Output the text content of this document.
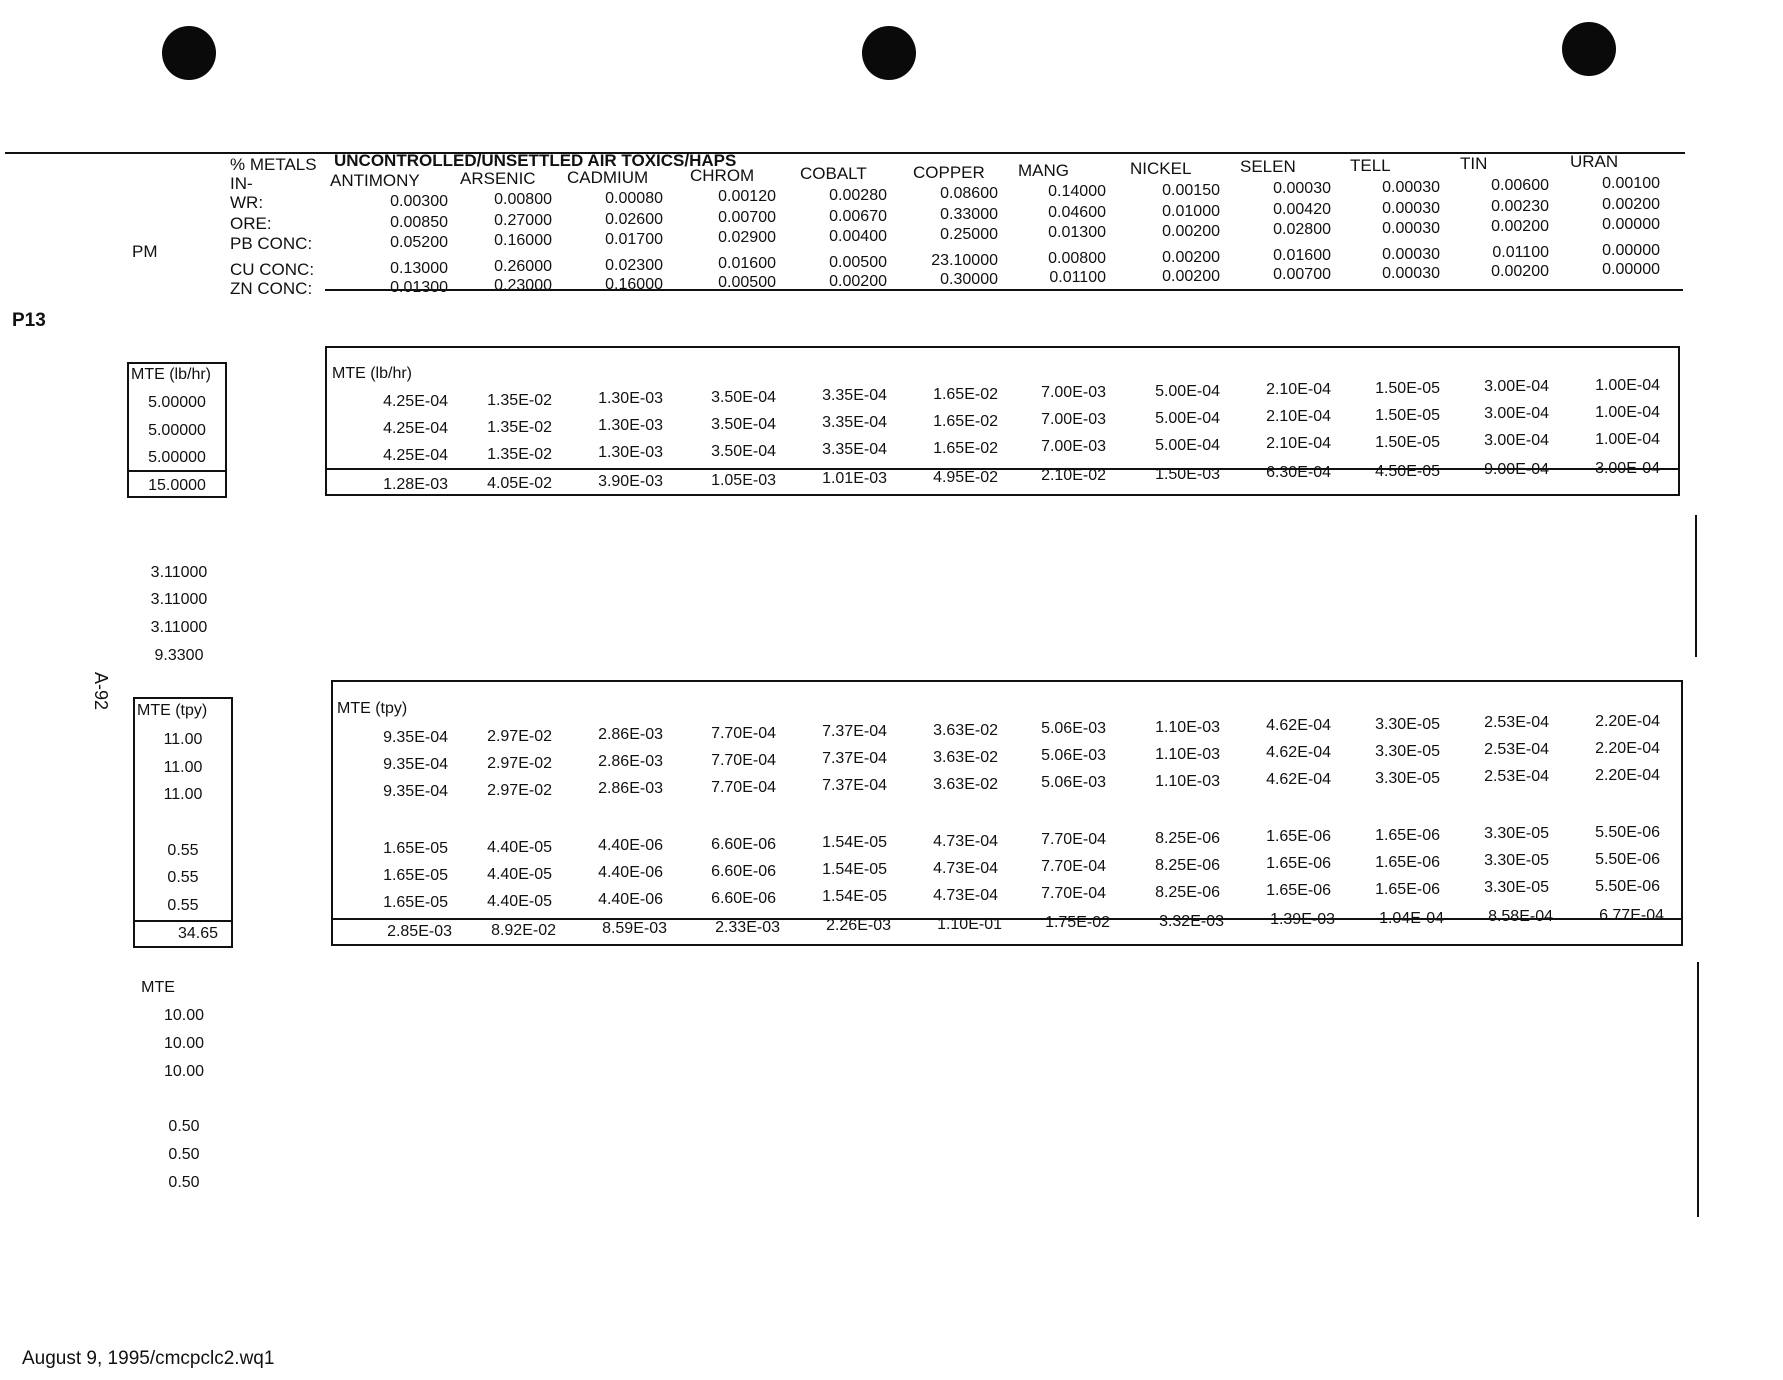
% METALS UNCONTROLLED/UNSETTLED AIR TOXICS/HAPS
IN-
PM
ANTIMONY ARSENIC CADMIUM CHROM	COBALT	COPPER MANG	NICKEL	SELEN	TELL	TIN	URAN
WR:	0.00300	0.00800	0.00080	0.00120	0.00280	0.08600	0.14000	0.00150	0.00030	0.00030	0.00600	0.00100
ORE:	0.00850	0.27000	0.02600	0.00700	0.00670	0.33000	0.04600	0.01000	0.00420	0.00030	0.00230	0.00200
PB CONC:	0.05200	0.16000	0.01700	0.02900	0.00400	0.25000	0.01300	0.00200	0.02800	0.00030	0.00200	0.00000
CU CONC:	0.13000	0.26000	0.02300	0.01600	0.00500	23.10000	0.00800	0.00200	0.01600	0.00030	0.01100	0.00000
ZN CONC:	0.01300	0.23000	0.16000	0.00500	0.00200	0.30000	0.01100	0.00200	0.00700	0.00030	0.00200	0.00000
P13
MTE (lb/hr)
5.00000
5.00000
5.00000
15.0000
MTE (lb/hr)
4.25E-04	1.35E-02	1.30E-03	3.50E-04	3.35E-04	1.65E-02	7.00E-03	5.00E-04	2.10E-04	1.50E-05	3.00E-04	1.00E-04
4.25E-04	1.35E-02	1.30E-03	3.50E-04	3.35E-04	1.65E-02	7.00E-03	5.00E-04	2.10E-04	1.50E-05	3.00E-04	1.00E-04
4.25E-04	1.35E-02	1.30E-03	3.50E-04	3.35E-04	1.65E-02	7.00E-03	5.00E-04	2.10E-04	1.50E-05	3.00E-04	1.00E-04
1.28E-03	4.05E-02	3.90E-03	1.05E-03	1.01E-03	4.95E-02	2.10E-02	1.50E-03	6.30E-04	4.50E-05	9.00E-04	3.00E-04
3.11000
3.11000
3.11000
9.3300
A-92
MTE (tpy)
11.00
11.00
11.00
0.55
0.55
0.55
34.65
MTE (tpy)
9.35E-04	2.97E-02	2.86E-03	7.70E-04	7.37E-04	3.63E-02	5.06E-03	1.10E-03	4.62E-04	3.30E-05	2.53E-04	2.20E-04
9.35E-04	2.97E-02	2.86E-03	7.70E-04	7.37E-04	3.63E-02	5.06E-03	1.10E-03	4.62E-04	3.30E-05	2.53E-04	2.20E-04
9.35E-04	2.97E-02	2.86E-03	7.70E-04	7.37E-04	3.63E-02	5.06E-03	1.10E-03	4.62E-04	3.30E-05	2.53E-04	2.20E-04
1.65E-05	4.40E-05	4.40E-06	6.60E-06	1.54E-05	4.73E-04	7.70E-04	8.25E-06	1.65E-06	1.65E-06	3.30E-05	5.50E-06
1.65E-05	4.40E-05	4.40E-06	6.60E-06	1.54E-05	4.73E-04	7.70E-04	8.25E-06	1.65E-06	1.65E-06	3.30E-05	5.50E-06
1.65E-05	4.40E-05	4.40E-06	6.60E-06	1.54E-05	4.73E-04	7.70E-04	8.25E-06	1.65E-06	1.65E-06	3.30E-05	5.50E-06
2.85E-03	8.92E-02	8.59E-03	2.33E-03	2.26E-03	1.10E-01	1.75E-02	3.32E-03	1.39E-03	1.04E-04	8.58E-04	6.77E-04
MTE
10.00
10.00
10.00
0.50
0.50
0.50
August 9, 1995/cmcpclc2.wq1
